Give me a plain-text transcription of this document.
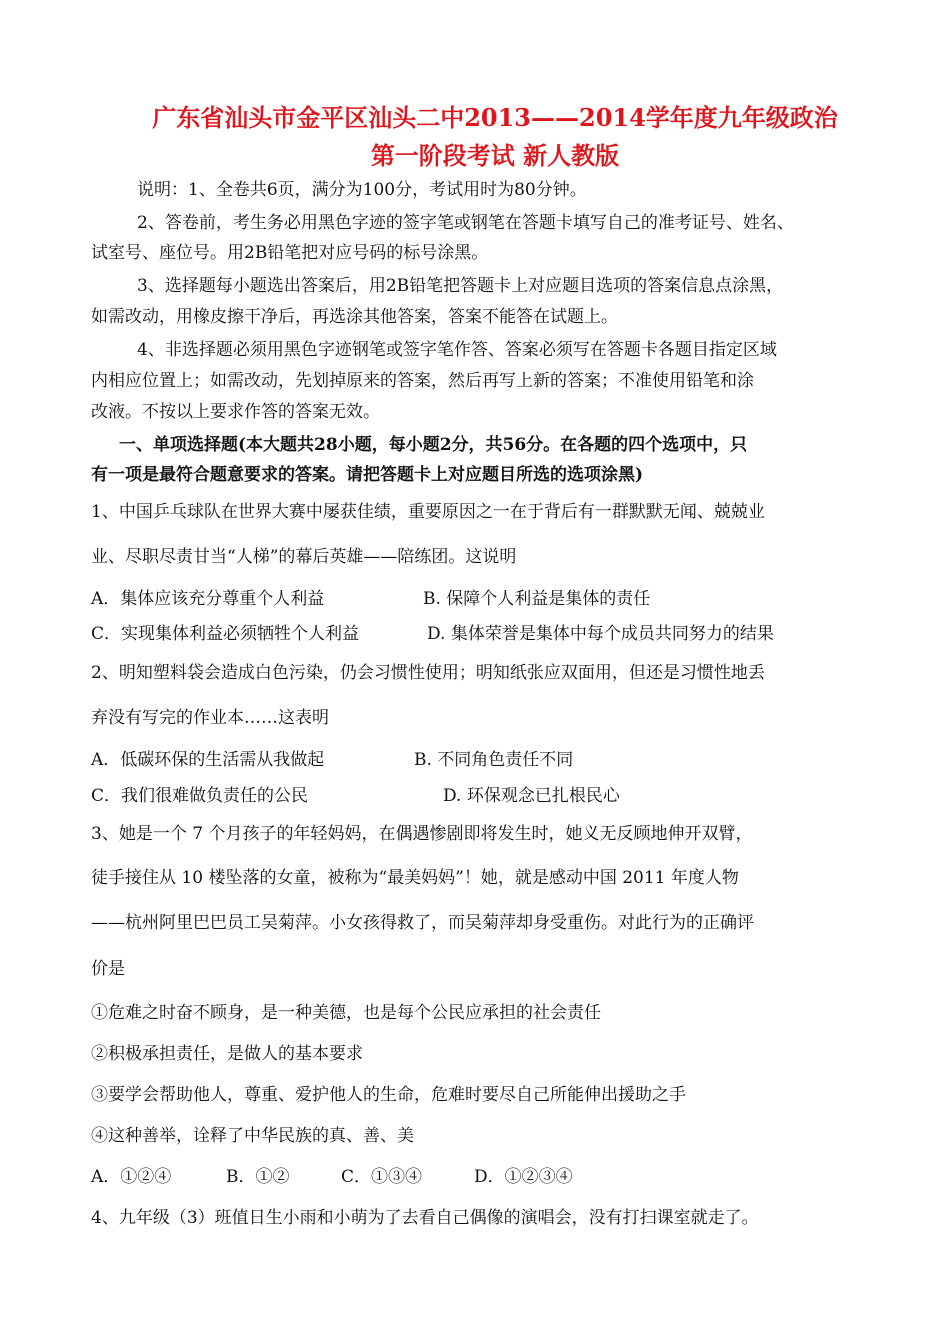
广东省汕头市金平区汕头二中2013——2014学年度九年级政治
第一阶段考试 新人教版
说明：1、全卷共6页，满分为100分，考试用时为80分钟。
2、答卷前，考生务必用黑色字迹的签字笔或钢笔在答题卡填写自己的准考证号、姓名、
试室号、座位号。用2B铅笔把对应号码的标号涂黑。
3、选择题每小题选出答案后，用2B铅笔把答题卡上对应题目选项的答案信息点涂黑，
如需改动，用橡皮擦干净后，再选涂其他答案，答案不能答在试题上。
4、非选择题必须用黑色字迹钢笔或签字笔作答、答案必须写在答题卡各题目指定区域
内相应位置上；如需改动，先划掉原来的答案，然后再写上新的答案；不准使用铅笔和涂
改液。不按以上要求作答的答案无效。
一、单项选择题(本大题共28小题，每小题2分，共56分。在各题的四个选项中，只
有一项是最符合题意要求的答案。请把答题卡上对应题目所选的选项涂黑)
1、中国乒乓球队在世界大赛中屡获佳绩，重要原因之一在于背后有一群默默无闻、兢兢业
业、尽职尽责甘当“人梯”的幕后英雄——陪练团。这说明
A．集体应该充分尊重个人利益	B. 保障个人利益是集体的责任
C．实现集体利益必须牺牲个人利益	D. 集体荣誉是集体中每个成员共同努力的结果
2、明知塑料袋会造成白色污染，仍会习惯性使用；明知纸张应双面用，但还是习惯性地丢
弃没有写完的作业本……这表明
A．低碳环保的生活需从我做起	B. 不同角色责任不同
C．我们很难做负责任的公民	D. 环保观念已扎根民心
3、她是一个 7 个月孩子的年轻妈妈，在偶遇惨剧即将发生时，她义无反顾地伸开双臂，
徒手接住从 10 楼坠落的女童，被称为“最美妈妈”！她，就是感动中国 2011 年度人物
——杭州阿里巴巴员工吴菊萍。小女孩得救了，而吴菊萍却身受重伤。对此行为的正确评
价是
①危难之时奋不顾身，是一种美德，也是每个公民应承担的社会责任
②积极承担责任，是做人的基本要求
③要学会帮助他人，尊重、爱护他人的生命，危难时要尽自己所能伸出援助之手
④这种善举，诠释了中华民族的真、善、美
A．①②④	B．①②	C．①③④	D．①②③④
4、九年级（3）班值日生小雨和小萌为了去看自己偶像的演唱会，没有打扫课室就走了。
